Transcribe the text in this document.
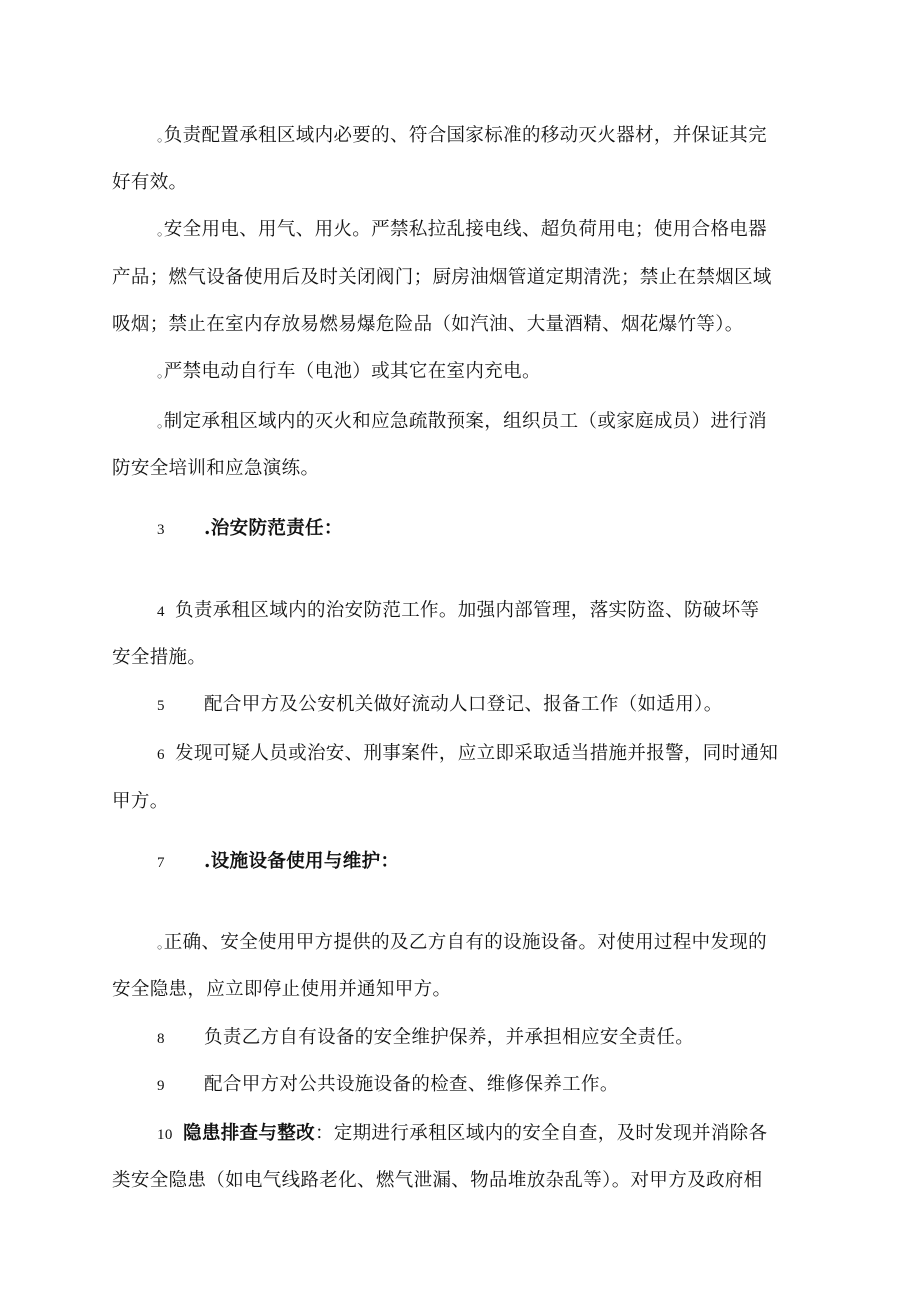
○负责配置承租区域内必要的、符合国家标准的移动灭火器材，并保证其完
好有效。
○安全用电、用气、用火。严禁私拉乱接电线、超负荷用电；使用合格电器
产品；燃气设备使用后及时关闭阀门；厨房油烟管道定期清洗；禁止在禁烟区域
吸烟；禁止在室内存放易燃易爆危险品（如汽油、大量酒精、烟花爆竹等）。
○严禁电动自行车（电池）或其它在室内充电。
○制定承租区域内的灭火和应急疏散预案，组织员工（或家庭成员）进行消
防安全培训和应急演练。
3 .治安防范责任：
4 负责承租区域内的治安防范工作。加强内部管理，落实防盗、防破坏等
安全措施。
5 配合甲方及公安机关做好流动人口登记、报备工作（如适用）。
6 发现可疑人员或治安、刑事案件，应立即采取适当措施并报警，同时通知
甲方。
7 .设施设备使用与维护：
○正确、安全使用甲方提供的及乙方自有的设施设备。对使用过程中发现的
安全隐患，应立即停止使用并通知甲方。
8 负责乙方自有设备的安全维护保养，并承担相应安全责任。
9 配合甲方对公共设施设备的检查、维修保养工作。
10 隐患排查与整改：定期进行承租区域内的安全自查，及时发现并消除各
类安全隐患（如电气线路老化、燃气泄漏、物品堆放杂乱等）。对甲方及政府相
